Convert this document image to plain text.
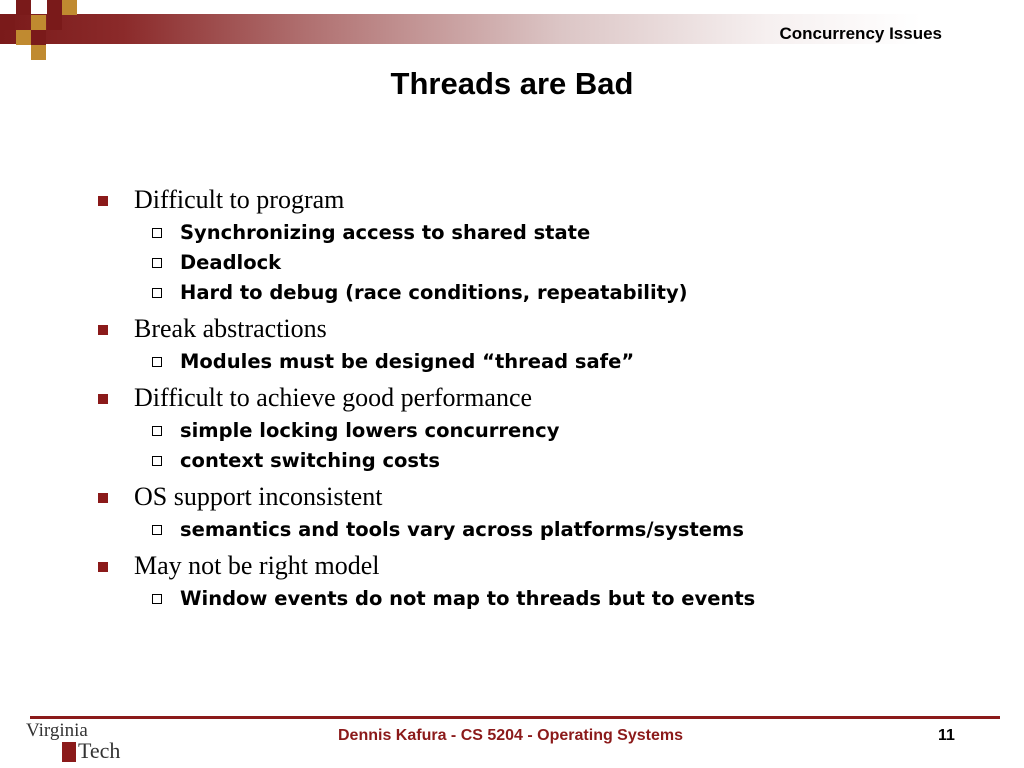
Concurrency Issues
Threads are Bad
Difficult to program
Synchronizing access to shared state
Deadlock
Hard to debug (race conditions, repeatability)
Break abstractions
Modules must be designed “thread safe”
Difficult to achieve good performance
simple locking lowers concurrency
context switching costs
OS support inconsistent
semantics and tools vary across platforms/systems
May not be right model
Window events do not map to threads but to events
Virginia
Tech
Dennis Kafura - CS 5204 - Operating Systems	11
